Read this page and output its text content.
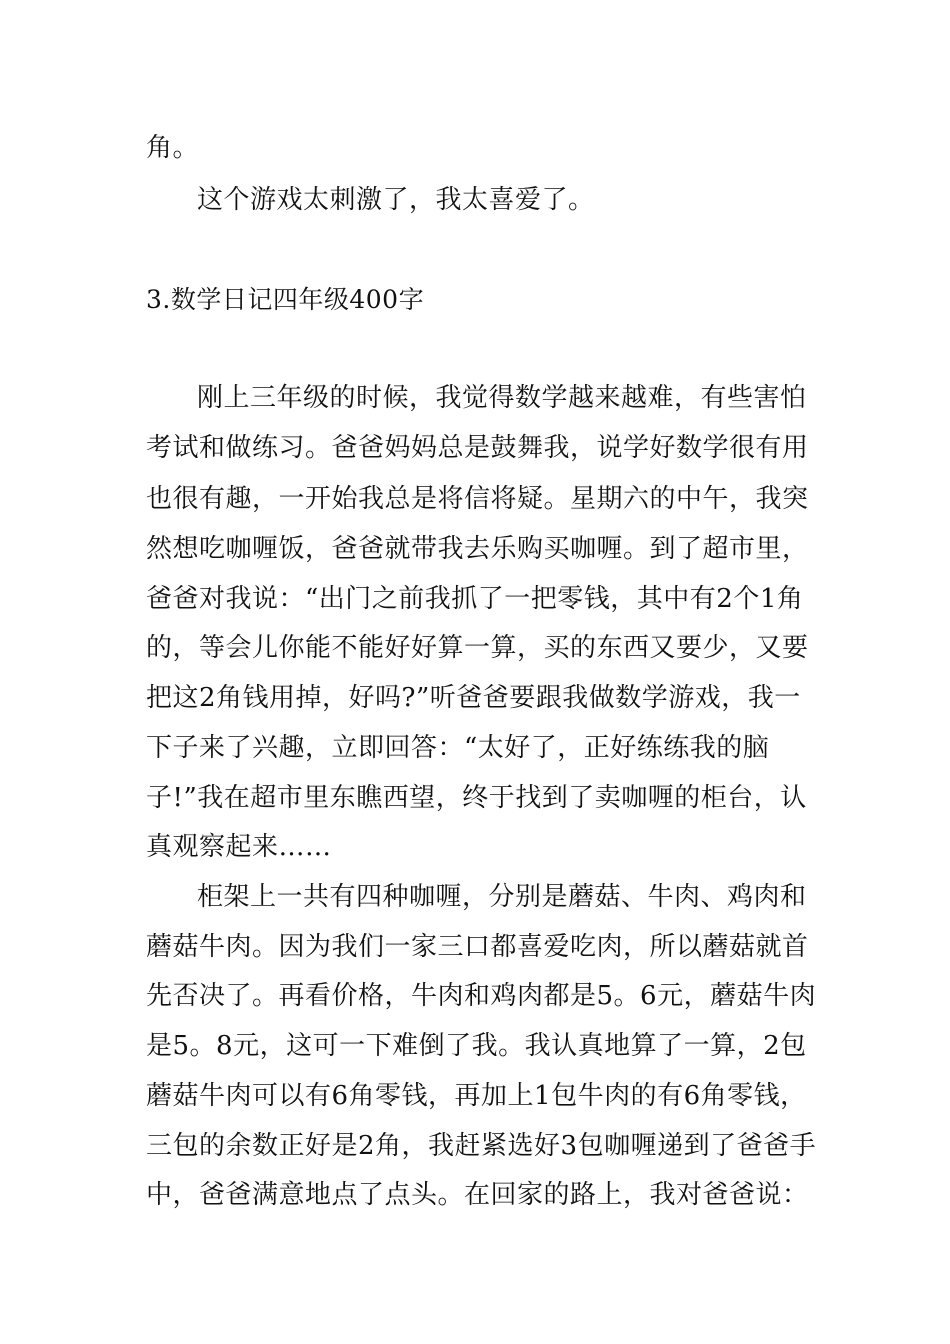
角。
这个游戏太刺激了，我太喜爱了。
3.数学日记四年级400字
刚上三年级的时候，我觉得数学越来越难，有些害怕
考试和做练习。爸爸妈妈总是鼓舞我，说学好数学很有用
也很有趣，一开始我总是将信将疑。星期六的中午，我突
然想吃咖喱饭，爸爸就带我去乐购买咖喱。到了超市里，
爸爸对我说：“出门之前我抓了一把零钱，其中有2个1角
的，等会儿你能不能好好算一算，买的东西又要少，又要
把这2角钱用掉，好吗?”听爸爸要跟我做数学游戏，我一
下子来了兴趣，立即回答：“太好了，正好练练我的脑
子!”我在超市里东瞧西望，终于找到了卖咖喱的柜台，认
真观察起来……
柜架上一共有四种咖喱，分别是蘑菇、牛肉、鸡肉和
蘑菇牛肉。因为我们一家三口都喜爱吃肉，所以蘑菇就首
先否决了。再看价格，牛肉和鸡肉都是5。6元，蘑菇牛肉
是5。8元，这可一下难倒了我。我认真地算了一算，2包
蘑菇牛肉可以有6角零钱，再加上1包牛肉的有6角零钱，
三包的余数正好是2角，我赶紧选好3包咖喱递到了爸爸手
中，爸爸满意地点了点头。在回家的路上，我对爸爸说：
